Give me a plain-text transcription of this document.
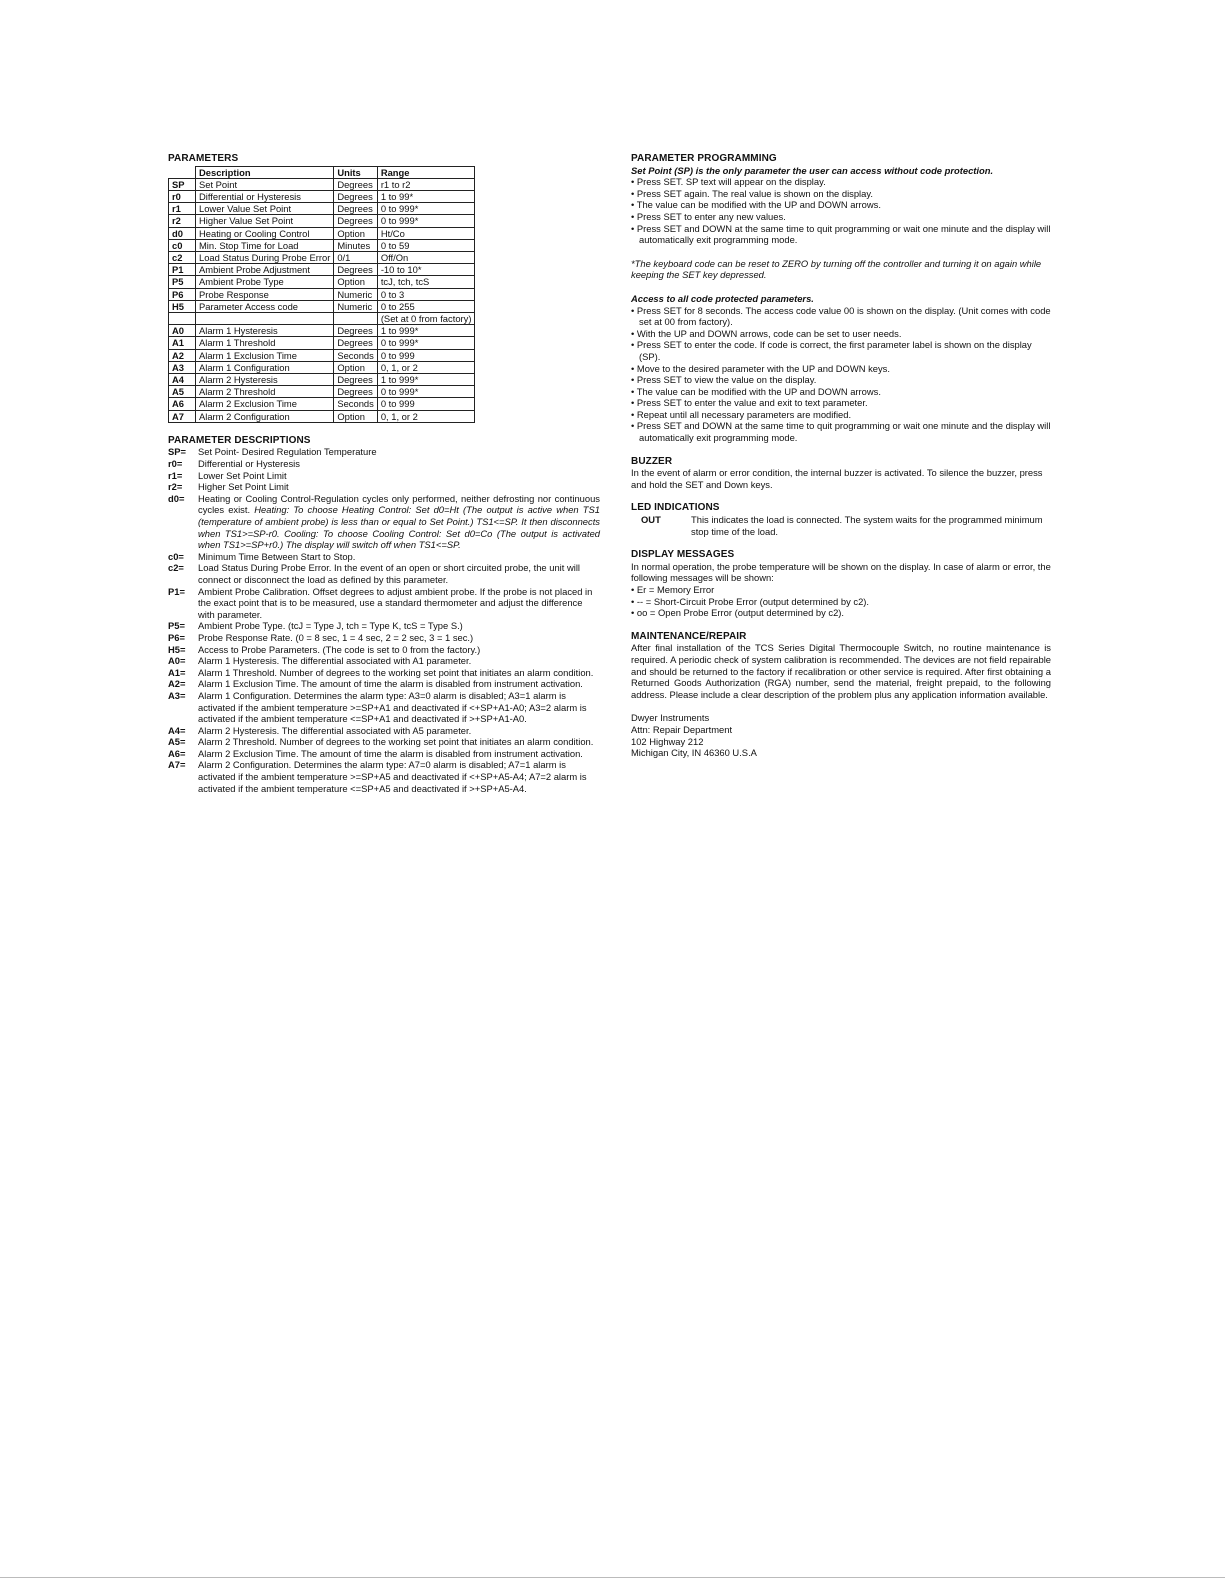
PARAMETERS

	Description	Units	Range
SP	Set Point	Degrees	r1 to r2
r0	Differential or Hysteresis	Degrees	1 to 99*
r1	Lower Value Set Point	Degrees	0 to 999*
r2	Higher Value Set Point	Degrees	0 to 999*
d0	Heating or Cooling Control	Option	Ht/Co
c0	Min. Stop Time for Load	Minutes	0 to 59
c2	Load Status During Probe Error	0/1	Off/On
P1	Ambient Probe Adjustment	Degrees	-10 to 10*
P5	Ambient Probe Type	Option	tcJ, tch, tcS
P6	Probe Response	Numeric	0 to 3
H5	Parameter Access code	Numeric	0 to 255
			(Set at 0 from factory)
A0	Alarm 1 Hysteresis	Degrees	1 to 999*
A1	Alarm 1 Threshold	Degrees	0 to 999*
A2	Alarm 1 Exclusion Time	Seconds	0 to 999
A3	Alarm 1 Configuration	Option	0, 1, or 2
A4	Alarm 2 Hysteresis	Degrees	1 to 999*
A5	Alarm 2 Threshold	Degrees	0 to 999*
A6	Alarm 2 Exclusion Time	Seconds	0 to 999
A7	Alarm 2 Configuration	Option	0, 1, or 2

PARAMETER DESCRIPTIONS

SP=	Set Point- Desired Regulation Temperature
r0=	Differential or Hysteresis
r1=	Lower Set Point Limit
r2=	Higher Set Point Limit
d0=	Heating or Cooling Control-Regulation cycles only performed, neither defrosting nor continuous cycles exist. Heating: To choose Heating Control: Set d0=Ht (The output is active when TS1 (temperature of ambient probe) is less than or equal to Set Point.) TS1<=SP. It then disconnects when TS1>=SP-r0. Cooling: To choose Cooling Control: Set d0=Co (The output is activated when TS1>=SP+r0.) The display will switch off when TS1<=SP.
c0=	Minimum Time Between Start to Stop.
c2=	Load Status During Probe Error. In the event of an open or short circuited probe, the unit will connect or disconnect the load as defined by this parameter.
P1=	Ambient Probe Calibration. Offset degrees to adjust ambient probe. If the probe is not placed in the exact point that is to be measured, use a standard thermometer and adjust the difference with parameter.
P5=	Ambient Probe Type. (tcJ = Type J, tch = Type K, tcS = Type S.)
P6=	Probe Response Rate. (0 = 8 sec, 1 = 4 sec, 2 = 2 sec, 3 = 1 sec.)
H5=	Access to Probe Parameters. (The code is set to 0 from the factory.)
A0=	Alarm 1 Hysteresis. The differential associated with A1 parameter.
A1=	Alarm 1 Threshold. Number of degrees to the working set point that initiates an alarm condition.
A2=	Alarm 1 Exclusion Time. The amount of time the alarm is disabled from instrument activation.
A3=	Alarm 1 Configuration. Determines the alarm type: A3=0 alarm is disabled; A3=1 alarm is activated if the ambient temperature >=SP+A1 and deactivated if <+SP+A1-A0; A3=2 alarm is activated if the ambient temperature <=SP+A1 and deactivated if >+SP+A1-A0.
A4=	Alarm 2 Hysteresis. The differential associated with A5 parameter.
A5=	Alarm 2 Threshold. Number of degrees to the working set point that initiates an alarm condition.
A6=	Alarm 2 Exclusion Time. The amount of time the alarm is disabled from instrument activation.
A7=	Alarm 2 Configuration. Determines the alarm type: A7=0 alarm is disabled; A7=1 alarm is activated if the ambient temperature >=SP+A5 and deactivated if <+SP+A5-A4; A7=2 alarm is activated if the ambient temperature <=SP+A5 and deactivated if >+SP+A5-A4.

PARAMETER PROGRAMMING

Set Point (SP) is the only parameter the user can access without code protection.

• Press SET. SP text will appear on the display.

• Press SET again. The real value is shown on the display.

• The value can be modified with the UP and DOWN arrows.

• Press SET to enter any new values.

• Press SET and DOWN at the same time to quit programming or wait one minute and the display will automatically exit programming mode.

*The keyboard code can be reset to ZERO by turning off the controller and turning it on again while keeping the SET key depressed.

Access to all code protected parameters.

• Press SET for 8 seconds. The access code value 00 is shown on the display. (Unit comes with code set at 00 from factory).

• With the UP and DOWN arrows, code can be set to user needs.

• Press SET to enter the code. If code is correct, the first parameter label is shown on the display (SP).

• Move to the desired parameter with the UP and DOWN keys.

• Press SET to view the value on the display.

• The value can be modified with the UP and DOWN arrows.

• Press SET to enter the value and exit to text parameter.

• Repeat until all necessary parameters are modified.

• Press SET and DOWN at the same time to quit programming or wait one minute and the display will automatically exit programming mode.

BUZZER

In the event of alarm or error condition, the internal buzzer is activated. To silence the buzzer, press and hold the SET and Down keys.

LED INDICATIONS

OUT	This indicates the load is connected. The system waits for the programmed minimum stop time of the load.

DISPLAY MESSAGES

In normal operation, the probe temperature will be shown on the display. In case of alarm or error, the following messages will be shown:

• Er = Memory Error

• -- = Short-Circuit Probe Error (output determined by c2).

• oo = Open Probe Error (output determined by c2).

MAINTENANCE/REPAIR

After final installation of the TCS Series Digital Thermocouple Switch, no routine maintenance is required. A periodic check of system calibration is recommended. The devices are not field repairable and should be returned to the factory if recalibration or other service is required. After first obtaining a Returned Goods Authorization (RGA) number, send the material, freight prepaid, to the following address. Please include a clear description of the problem plus any application information available.

Dwyer Instruments

Attn: Repair Department

102 Highway 212

Michigan City, IN 46360 U.S.A
